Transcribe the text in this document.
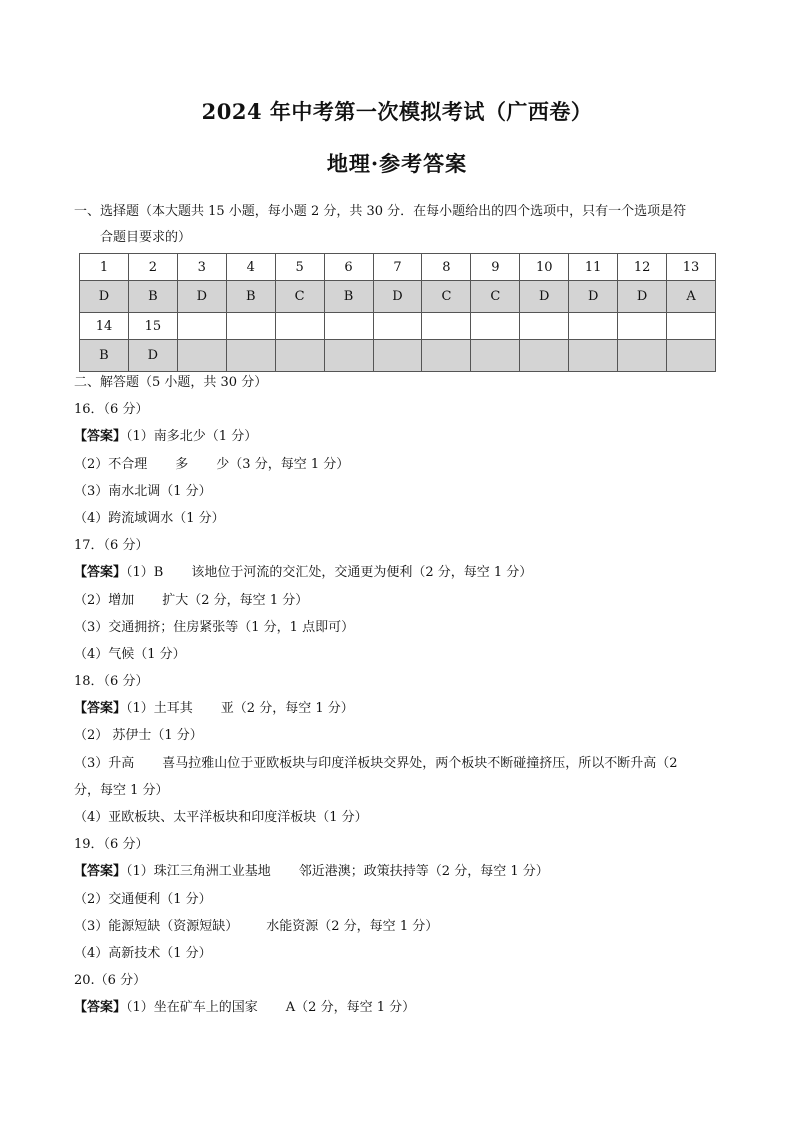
2024 年中考第一次模拟考试（广西卷）
地理·参考答案
一、选择题（本大题共 15 小题，每小题 2 分，共 30 分．在每小题给出的四个选项中，只有一个选项是符
合题目要求的）
1	2	3	4	5	6	7	8	9	10	11	12	13
D	B	D	B	C	B	D	C	C	D	D	D	A
14	15											
B	D											
二、解答题（5 小题，共 30 分）
16．（6 分）
【答案】（1）南多北少（1 分）
（2）不合理 多 少（3 分，每空 1 分）
（3）南水北调（1 分）
（4）跨流域调水（1 分）
17．（6 分）
【答案】（1）B 该地位于河流的交汇处，交通更为便利（2 分，每空 1 分）
（2）增加 扩大（2 分，每空 1 分）
（3）交通拥挤；住房紧张等（1 分，1 点即可）
（4）气候（1 分）
18．（6 分）
【答案】（1）土耳其 亚（2 分，每空 1 分）
（2） 苏伊士（1 分）
（3）升高 喜马拉雅山位于亚欧板块与印度洋板块交界处，两个板块不断碰撞挤压，所以不断升高（2
分，每空 1 分）
（4）亚欧板块、太平洋板块和印度洋板块（1 分）
19．（6 分）
【答案】（1）珠江三角洲工业基地 邻近港澳；政策扶持等（2 分，每空 1 分）
（2）交通便利（1 分）
（3）能源短缺（资源短缺） 水能资源（2 分，每空 1 分）
（4）高新技术（1 分）
20.（6 分）
【答案】（1）坐在矿车上的国家 A（2 分，每空 1 分）
